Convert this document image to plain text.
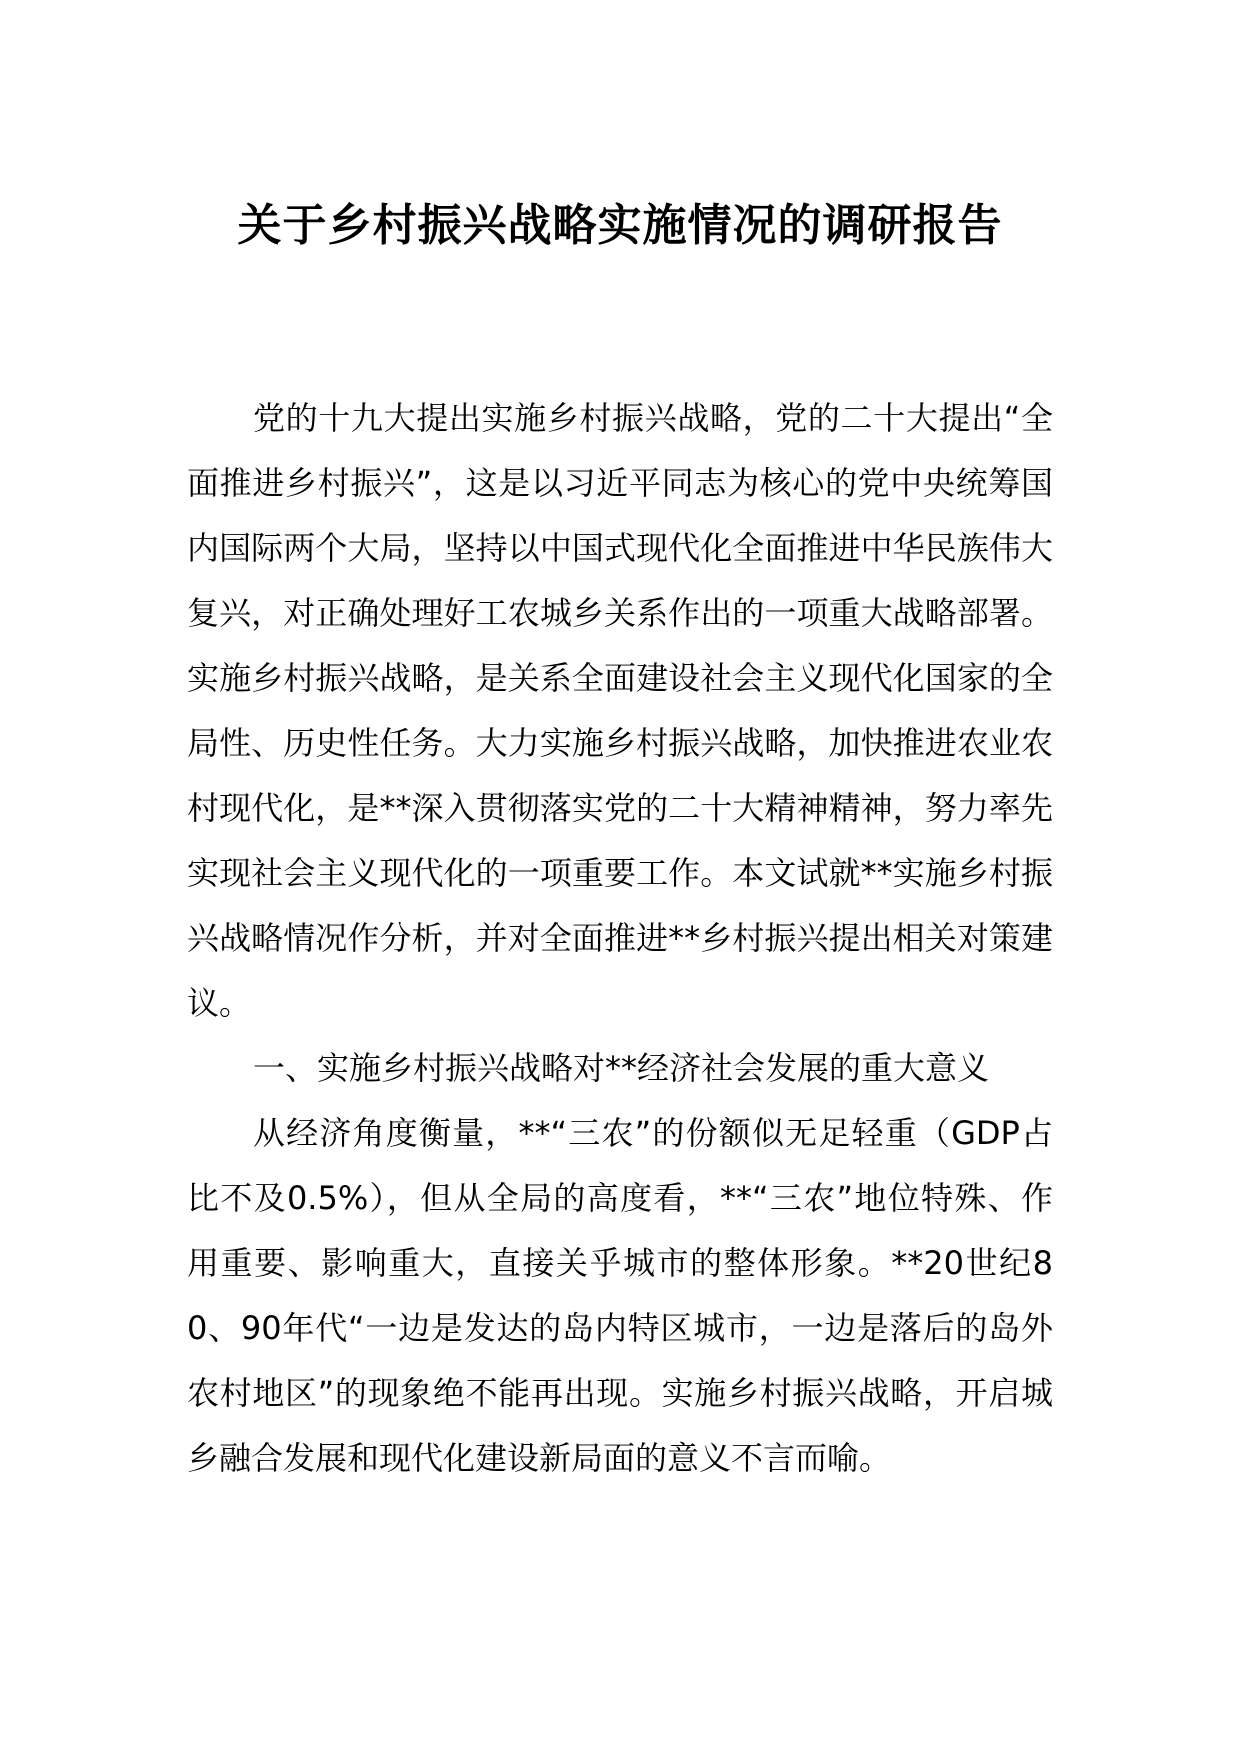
关于乡村振兴战略实施情况的调研报告

党的十九大提出实施乡村振兴战略，党的二十大提出“全面推进乡村振兴”，这是以习近平同志为核心的党中央统筹国内国际两个大局，坚持以中国式现代化全面推进中华民族伟大复兴，对正确处理好工农城乡关系作出的一项重大战略部署。实施乡村振兴战略，是关系全面建设社会主义现代化国家的全局性、历史性任务。大力实施乡村振兴战略，加快推进农业农村现代化，是**深入贯彻落实党的二十大精神精神，努力率先实现社会主义现代化的一项重要工作。本文试就**实施乡村振兴战略情况作分析，并对全面推进**乡村振兴提出相关对策建议。

一、实施乡村振兴战略对**经济社会发展的重大意义

从经济角度衡量，**“三农”的份额似无足轻重（GDP占比不及0.5%），但从全局的高度看，**“三农”地位特殊、作用重要、影响重大，直接关乎城市的整体形象。**20世纪80、90年代“一边是发达的岛内特区城市，一边是落后的岛外农村地区”的现象绝不能再出现。实施乡村振兴战略，开启城乡融合发展和现代化建设新局面的意义不言而喻。
